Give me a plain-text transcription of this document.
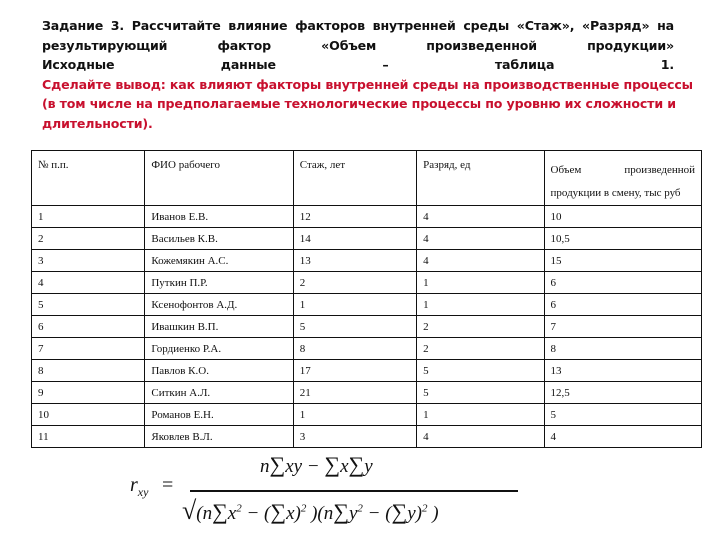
Задание 3. Рассчитайте влияние факторов внутренней среды «Стаж», «Разряд» на
результирующий фактор «Объем произведенной продукции»
Исходные данные – таблица 1.
Сделайте вывод: как влияют факторы внутренней среды на производственные процессы
(в том числе на предполагаемые технологические процессы по уровню их сложности и
длительности).
№ п.п.	ФИО рабочего	Стаж, лет	Разряд, ед	Объем произведенной
продукции в смену, тыс руб
1	Иванов Е.В.	12	4	10
2	Васильев К.В.	14	4	10,5
3	Кожемякин А.С.	13	4	15
4	Путкин П.Р.	2	1	6
5	Ксенофонтов А.Д.	1	1	6
6	Ивашкин В.П.	5	2	7
7	Гордиенко Р.А.	8	2	8
8	Павлов К.О.	17	5	13
9	Ситкин А.Л.	21	5	12,5
10	Романов Е.Н.	1	1	5
11	Яковлев В.Л.	3	4	4
$r_{xy}$ =
n∑xy − ∑x∑y
$√(n\sum x^2 - (\sum x)^2$ )($n\sum y^2 - (\sum y)^2$ )
